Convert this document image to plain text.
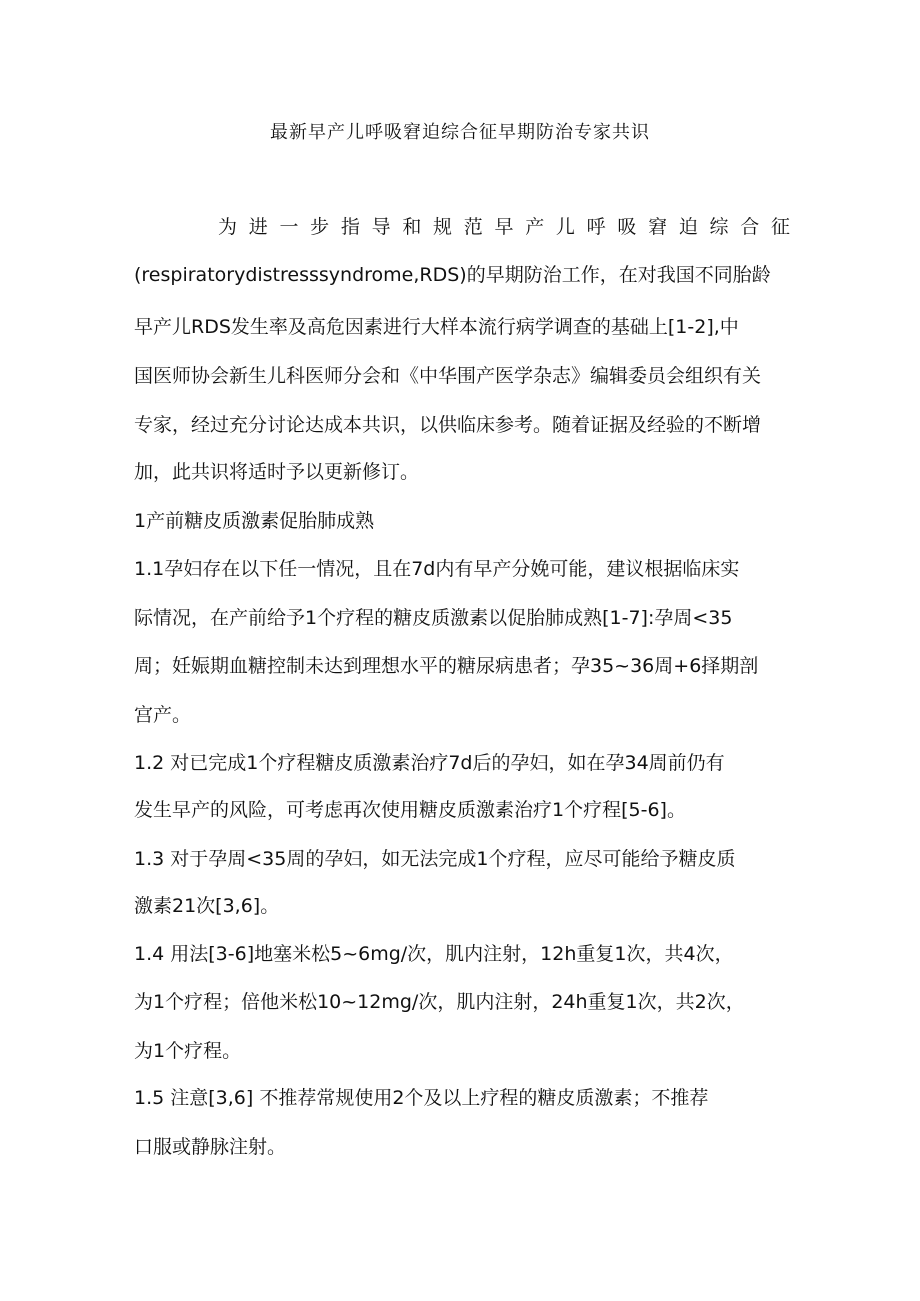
最新早产儿呼吸窘迫综合征早期防治专家共识
为进一步指导和规范早产儿呼吸窘迫综合征
(respiratorydistresssyndrome,RDS)的早期防治工作，在对我国不同胎龄
早产儿RDS发生率及高危因素进行大样本流行病学调查的基础上[1-2],中
国医师协会新生儿科医师分会和《中华围产医学杂志》编辑委员会组织有关
专家，经过充分讨论达成本共识，以供临床参考。随着证据及经验的不断增
加，此共识将适时予以更新修订。
1产前糖皮质激素促胎肺成熟
1.1孕妇存在以下任一情况，且在7d内有早产分娩可能，建议根据临床实
际情况，在产前给予1个疗程的糖皮质激素以促胎肺成熟[1-7]:孕周<35
周；妊娠期血糖控制未达到理想水平的糖尿病患者；孕35~36周+6择期剖
宫产。
1.2 对已完成1个疗程糖皮质激素治疗7d后的孕妇，如在孕34周前仍有
发生早产的风险，可考虑再次使用糖皮质激素治疗1个疗程[5-6]。
1.3 对于孕周<35周的孕妇，如无法完成1个疗程，应尽可能给予糖皮质
激素21次[3,6]。
1.4 用法[3-6]地塞米松5~6mg/次，肌内注射，12h重复1次，共4次，
为1个疗程；倍他米松10~12mg/次，肌内注射，24h重复1次，共2次，
为1个疗程。
1.5 注意[3,6] 不推荐常规使用2个及以上疗程的糖皮质激素；不推荐
口服或静脉注射。
